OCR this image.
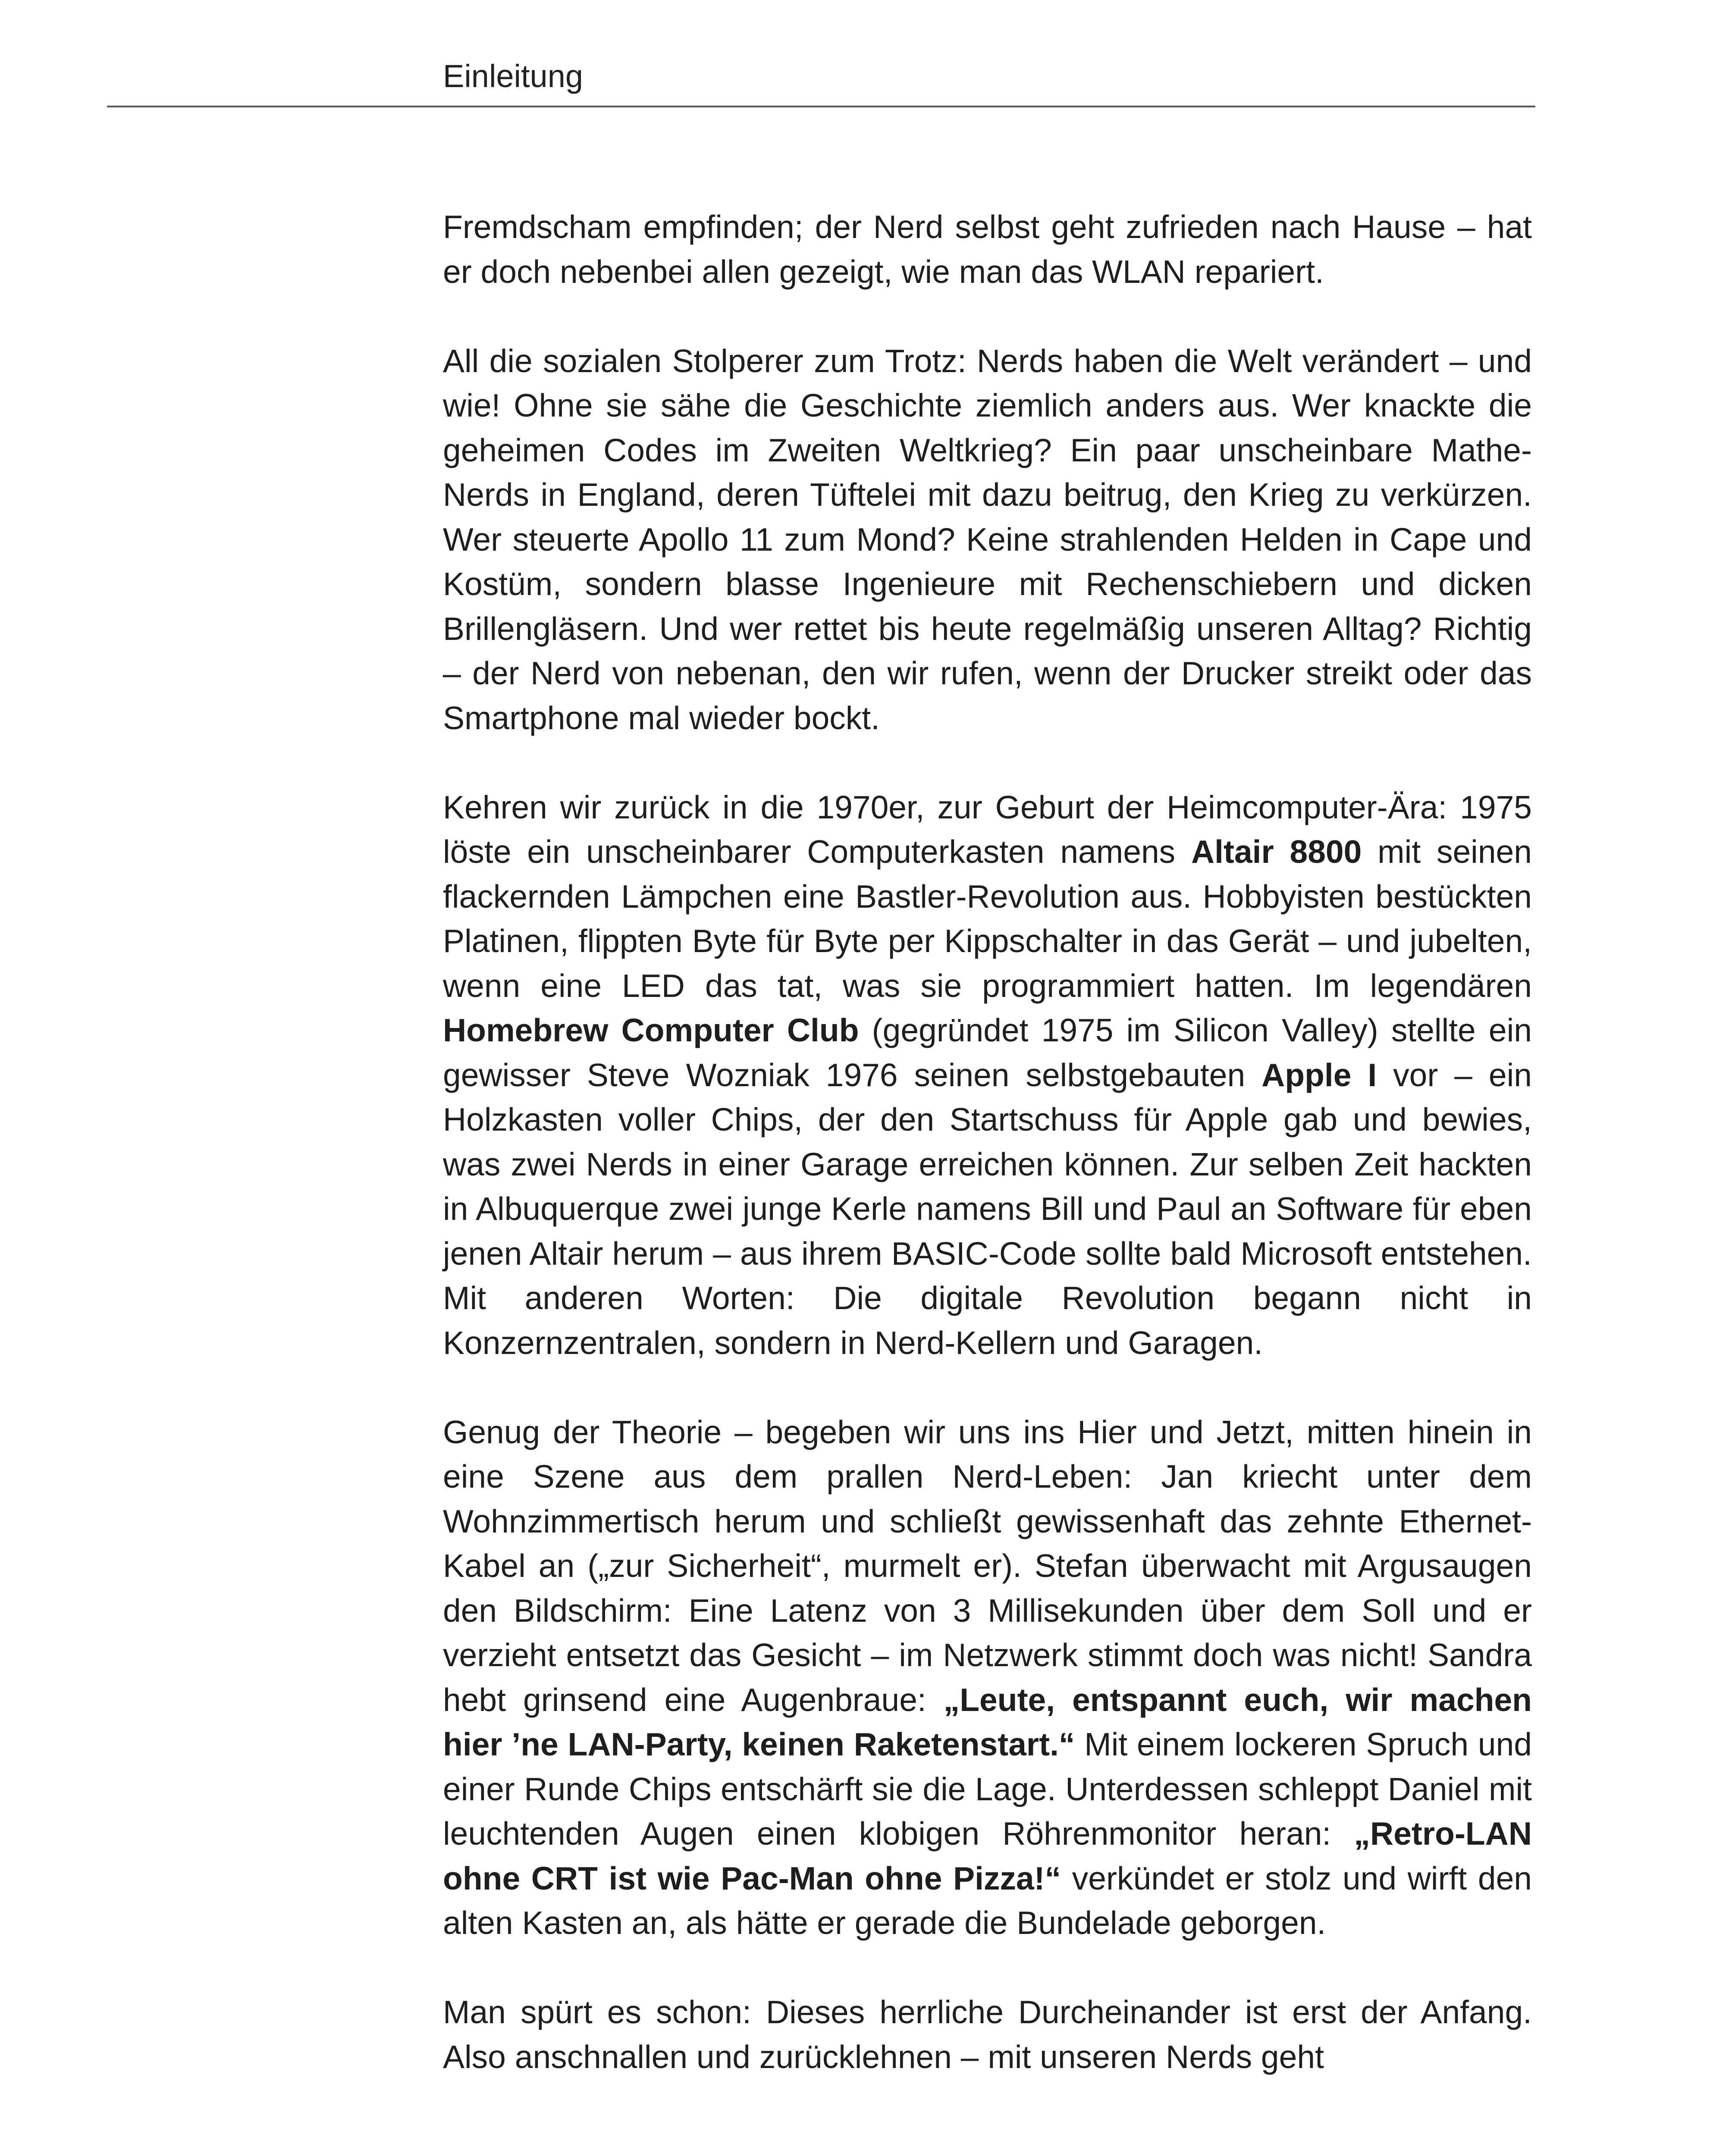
Einleitung

Fremdscham empfinden; der Nerd selbst geht zufrieden nach Hause – hat er doch nebenbei allen gezeigt, wie man das WLAN repariert.

All die sozialen Stolperer zum Trotz: Nerds haben die Welt verändert – und wie! Ohne sie sähe die Geschichte ziemlich anders aus. Wer knackte die geheimen Codes im Zweiten Weltkrieg? Ein paar unscheinbare Mathe-Nerds in England, deren Tüftelei mit dazu beitrug, den Krieg zu verkürzen. Wer steuerte Apollo 11 zum Mond? Keine strahlenden Helden in Cape und Kostüm, sondern blasse Ingenieure mit Rechenschiebern und dicken Brillengläsern. Und wer rettet bis heute regelmäßig unseren Alltag? Richtig – der Nerd von nebenan, den wir rufen, wenn der Drucker streikt oder das Smartphone mal wieder bockt.

Kehren wir zurück in die 1970er, zur Geburt der Heimcomputer-Ära: 1975 löste ein unscheinbarer Computerkasten namens Altair 8800 mit seinen flackernden Lämpchen eine Bastler-Revolution aus. Hobbyisten bestückten Platinen, flippten Byte für Byte per Kippschalter in das Gerät – und jubelten, wenn eine LED das tat, was sie programmiert hatten. Im legendären Homebrew Computer Club (gegründet 1975 im Silicon Valley) stellte ein gewisser Steve Wozniak 1976 seinen selbstgebauten Apple I vor – ein Holzkasten voller Chips, der den Startschuss für Apple gab und bewies, was zwei Nerds in einer Garage erreichen können. Zur selben Zeit hackten in Albuquerque zwei junge Kerle namens Bill und Paul an Software für eben jenen Altair herum – aus ihrem BASIC-Code sollte bald Microsoft entstehen. Mit anderen Worten: Die digitale Revolution begann nicht in Konzernzentralen, sondern in Nerd-Kellern und Garagen.

Genug der Theorie – begeben wir uns ins Hier und Jetzt, mitten hinein in eine Szene aus dem prallen Nerd-Leben: Jan kriecht unter dem Wohnzimmertisch herum und schließt gewissenhaft das zehnte Ethernet-Kabel an („zur Sicherheit“, murmelt er). Stefan überwacht mit Argusaugen den Bildschirm: Eine Latenz von 3 Millisekunden über dem Soll und er verzieht entsetzt das Gesicht – im Netzwerk stimmt doch was nicht! Sandra hebt grinsend eine Augenbraue: „Leute, entspannt euch, wir machen hier ’ne LAN-Party, keinen Raketenstart.“ Mit einem lockeren Spruch und einer Runde Chips entschärft sie die Lage. Unterdessen schleppt Daniel mit leuchtenden Augen einen klobigen Röhrenmonitor heran: „Retro-LAN ohne CRT ist wie Pac-Man ohne Pizza!“ verkündet er stolz und wirft den alten Kasten an, als hätte er gerade die Bundelade geborgen.

Man spürt es schon: Dieses herrliche Durcheinander ist erst der Anfang. Also anschnallen und zurücklehnen – mit unseren Nerds geht
